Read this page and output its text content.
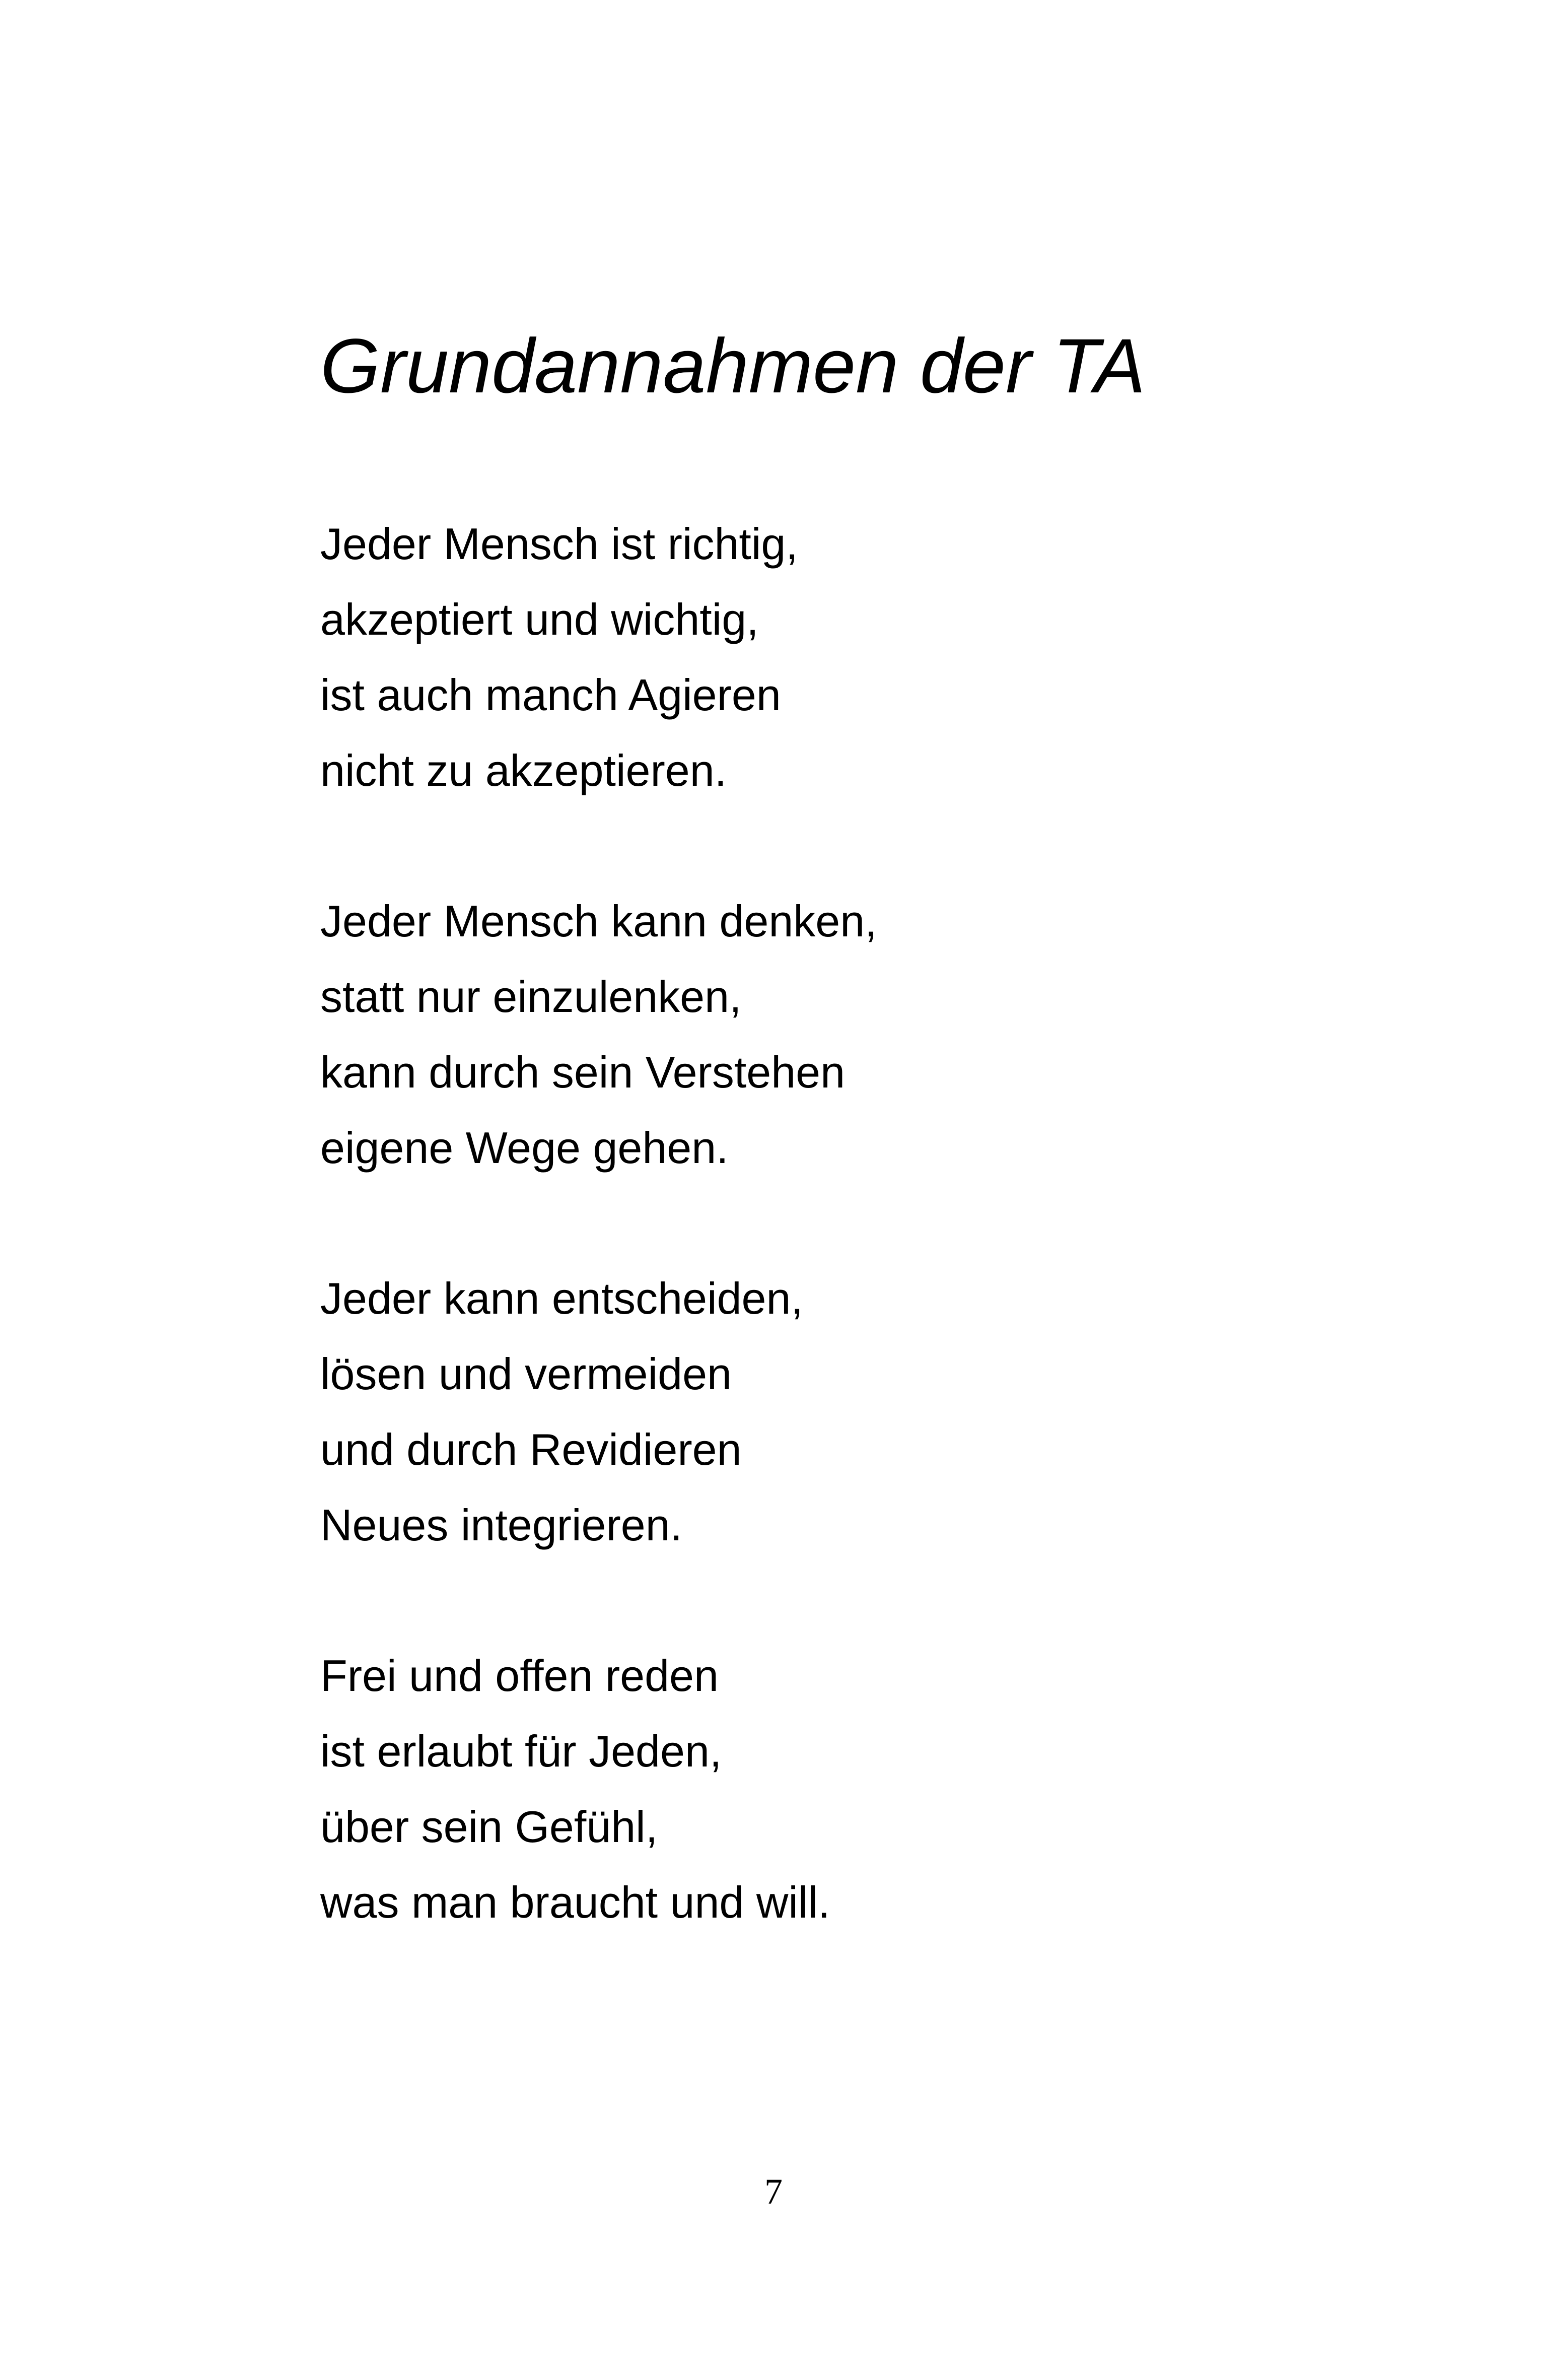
Grundannahmen der TA
Jeder Mensch ist richtig,
akzeptiert und wichtig,
ist auch manch Agieren
nicht zu akzeptieren.
Jeder Mensch kann denken,
statt nur einzulenken,
kann durch sein Verstehen
eigene Wege gehen.
Jeder kann entscheiden,
lösen und vermeiden
und durch Revidieren
Neues integrieren.
Frei und offen reden
ist erlaubt für Jeden,
über sein Gefühl,
was man braucht und will.
7
